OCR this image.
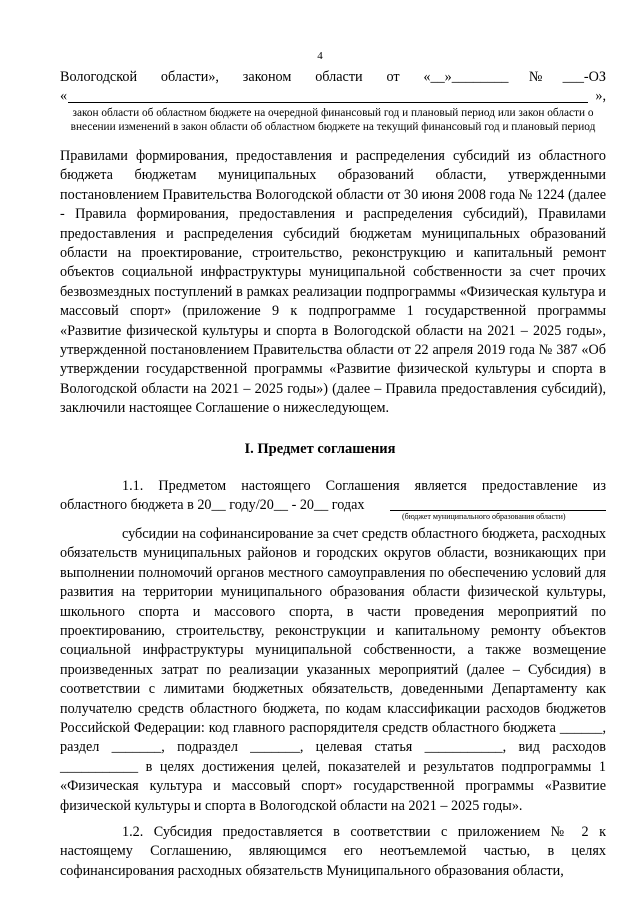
4
Вологодской области», законом области от «__»________№___-ОЗ
«	»,
закон области об областном бюджете на очередной финансовый год и плановый период или закон области о внесении изменений в закон области об областном бюджете на текущий финансовый год и плановый период
Правилами формирования, предоставления и распределения субсидий из областного бюджета бюджетам муниципальных образований области, утвержденными постановлением Правительства Вологодской области от 30 июня 2008 года № 1224 (далее - Правила формирования, предоставления и распределения субсидий), Правилами предоставления и распределения субсидий бюджетам муниципальных образований области на проектирование, строительство, реконструкцию и капитальный ремонт объектов социальной инфраструктуры муниципальной собственности за счет прочих безвозмездных поступлений в рамках реализации подпрограммы «Физическая культура и массовый спорт» (приложение 9 к подпрограмме 1 государственной программы «Развитие физической культуры и спорта в Вологодской области на 2021 – 2025 годы», утвержденной постановлением Правительства области от 22 апреля 2019 года № 387 «Об утверждении государственной программы «Развитие физической культуры и спорта в Вологодской области на 2021 – 2025 годы») (далее – Правила предоставления субсидий), заключили настоящее Соглашение о нижеследующем.
I. Предмет соглашения
1.1. Предметом настоящего Соглашения является предоставление из
областного бюджета в 20__ году/20__ - 20__ годах
(бюджет муниципального образования области)
субсидии на софинансирование за счет средств областного бюджета, расходных обязательств муниципальных районов и городских округов области, возникающих при выполнении полномочий органов местного самоуправления по обеспечению условий для развития на территории муниципального образования области физической культуры, школьного спорта и массового спорта, в части проведения мероприятий по проектированию, строительству, реконструкции и капитальному ремонту объектов социальной инфраструктуры муниципальной собственности, а также возмещение произведенных затрат по реализации указанных мероприятий (далее – Субсидия) в соответствии с лимитами бюджетных обязательств, доведенными Департаменту как получателю средств областного бюджета, по кодам классификации расходов бюджетов Российской Федерации: код главного распорядителя средств областного бюджета ______, раздел _______, подраздел _______, целевая статья ___________, вид расходов ___________ в целях достижения целей, показателей и результатов подпрограммы 1 «Физическая культура и массовый спорт» государственной программы «Развитие физической культуры и спорта в Вологодской области на 2021 – 2025 годы».
1.2. Субсидия предоставляется в соответствии с приложением № 2 к настоящему Соглашению, являющимся его неотъемлемой частью, в целях софинансирования расходных обязательств Муниципального образования области,
